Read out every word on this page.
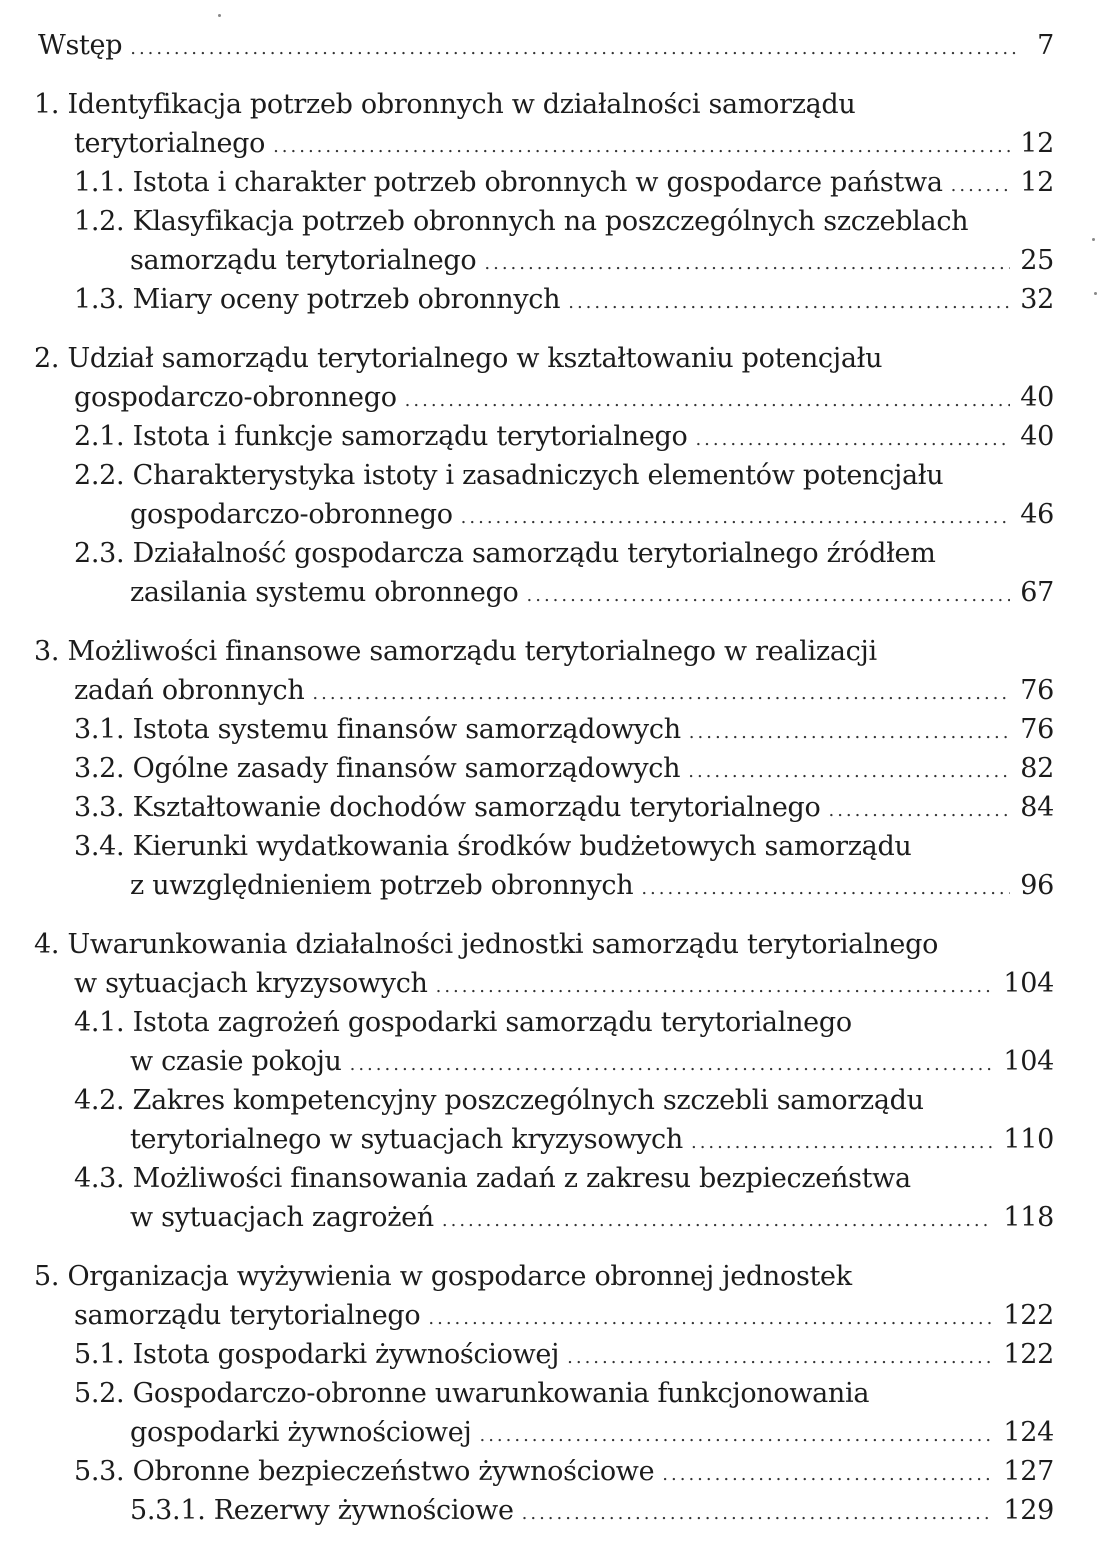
Wstęp .....	7
1. Identyfikacja potrzeb obronnych w działalności samorządu
terytorialnego .....	12
1.1. Istota i charakter potrzeb obronnych w gospodarce państwa .....	12
1.2. Klasyfikacja potrzeb obronnych na poszczególnych szczeblach
samorządu terytorialnego .....	25
1.3. Miary oceny potrzeb obronnych .....	32
2. Udział samorządu terytorialnego w kształtowaniu potencjału
gospodarczo-obronnego .....	40
2.1. Istota i funkcje samorządu terytorialnego .....	40
2.2. Charakterystyka istoty i zasadniczych elementów potencjału
gospodarczo-obronnego .....	46
2.3. Działalność gospodarcza samorządu terytorialnego źródłem
zasilania systemu obronnego .....	67
3. Możliwości finansowe samorządu terytorialnego w realizacji
zadań obronnych .....	76
3.1. Istota systemu finansów samorządowych .....	76
3.2. Ogólne zasady finansów samorządowych .....	82
3.3. Kształtowanie dochodów samorządu terytorialnego .....	84
3.4. Kierunki wydatkowania środków budżetowych samorządu
z uwzględnieniem potrzeb obronnych .....	96
4. Uwarunkowania działalności jednostki samorządu terytorialnego
w sytuacjach kryzysowych .....	104
4.1. Istota zagrożeń gospodarki samorządu terytorialnego
w czasie pokoju .....	104
4.2. Zakres kompetencyjny poszczególnych szczebli samorządu
terytorialnego w sytuacjach kryzysowych .....	110
4.3. Możliwości finansowania zadań z zakresu bezpieczeństwa
w sytuacjach zagrożeń .....	118
5. Organizacja wyżywienia w gospodarce obronnej jednostek
samorządu terytorialnego .....	122
5.1. Istota gospodarki żywnościowej .....	122
5.2. Gospodarczo-obronne uwarunkowania funkcjonowania
gospodarki żywnościowej .....	124
5.3. Obronne bezpieczeństwo żywnościowe .....	127
5.3.1. Rezerwy żywnościowe .....	129
